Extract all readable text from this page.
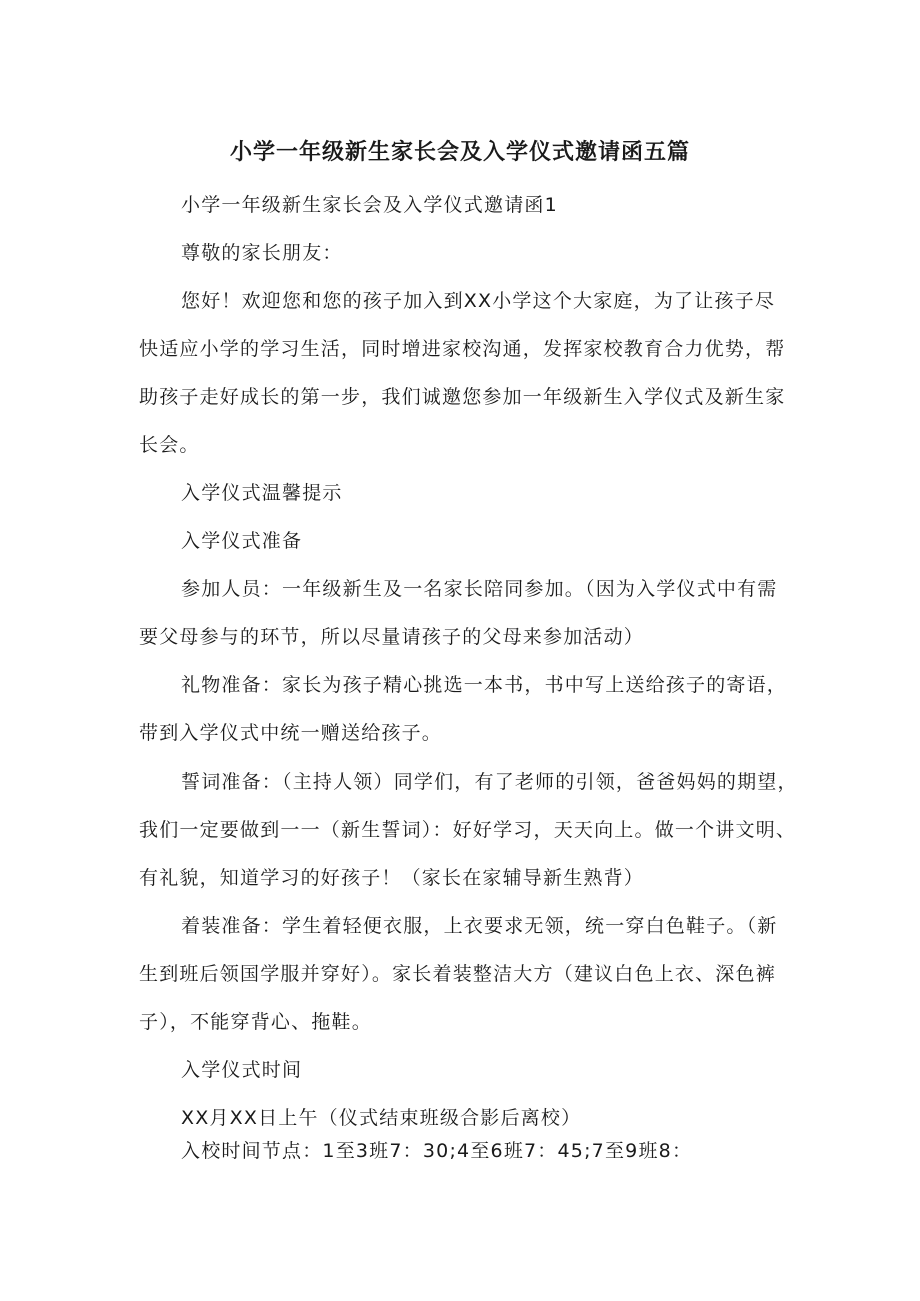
小学一年级新生家长会及入学仪式邀请函五篇

小学一年级新生家长会及入学仪式邀请函1

尊敬的家长朋友：

您好！欢迎您和您的孩子加入到XX小学这个大家庭，为了让孩子尽

快适应小学的学习生活，同时增进家校沟通，发挥家校教育合力优势，帮

助孩子走好成长的第一步，我们诚邀您参加一年级新生入学仪式及新生家

长会。

入学仪式温馨提示

入学仪式准备

参加人员：一年级新生及一名家长陪同参加。（因为入学仪式中有需

要父母参与的环节，所以尽量请孩子的父母来参加活动）

礼物准备：家长为孩子精心挑选一本书，书中写上送给孩子的寄语，

带到入学仪式中统一赠送给孩子。

誓词准备：（主持人领）同学们，有了老师的引领，爸爸妈妈的期望，

我们一定要做到一一（新生誓词）：好好学习，天天向上。做一个讲文明、

有礼貌，知道学习的好孩子！（家长在家辅导新生熟背）

着装准备：学生着轻便衣服，上衣要求无领，统一穿白色鞋子。（新

生到班后领国学服并穿好）。家长着装整洁大方（建议白色上衣、深色裤

子），不能穿背心、拖鞋。

入学仪式时间

XX月XX日上午（仪式结束班级合影后离校）

入校时间节点：1至3班7：30;4至6班7：45;7至9班8：
